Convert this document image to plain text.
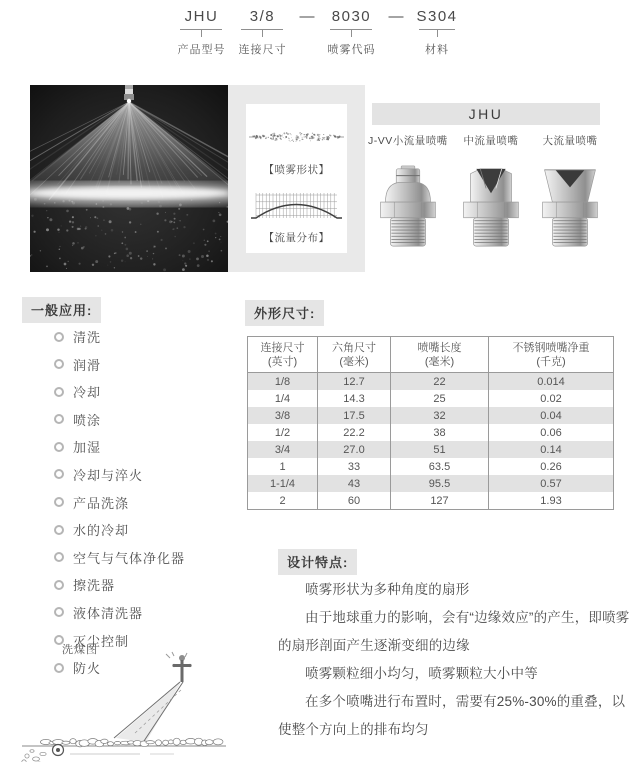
JHU
产品型号
3/8
连接尺寸
— 8030
喷雾代码
— S304
材料
【喷雾形状】
【流量分布】
JHU
J-VV小流量喷嘴 中流量喷嘴 大流量喷嘴
一般应用:
清洗
润滑
冷却
喷涂
加湿
冷却与淬火
产品洗涤
水的冷却
空气与气体净化器
擦洗器
液体清洗器
灭尘控制
防火
洗煤图
外形尺寸:
连接尺寸
(英寸)

六角尺寸
(毫米)

喷嘴长度
(毫米)

不锈钢喷嘴净重
(千克)

1/8	12.7	22	0.014
1/4	14.3	25	0.02
3/8	17.5	32	0.04
1/2	22.2	38	0.06
3/4	27.0	51	0.14
1	33	63.5	0.26
1-1/4	43	95.5	0.57
2	60	127	1.93
设计特点:

喷雾形状为多种角度的扇形

由于地球重力的影响，会有“边缘效应”的产生，即喷雾的扇形剖面产生逐渐变细的边缘

喷雾颗粒细小均匀，喷雾颗粒大小中等

在多个喷嘴进行布置时，需要有25%-30%的重叠，以使整个方向上的排布均匀
